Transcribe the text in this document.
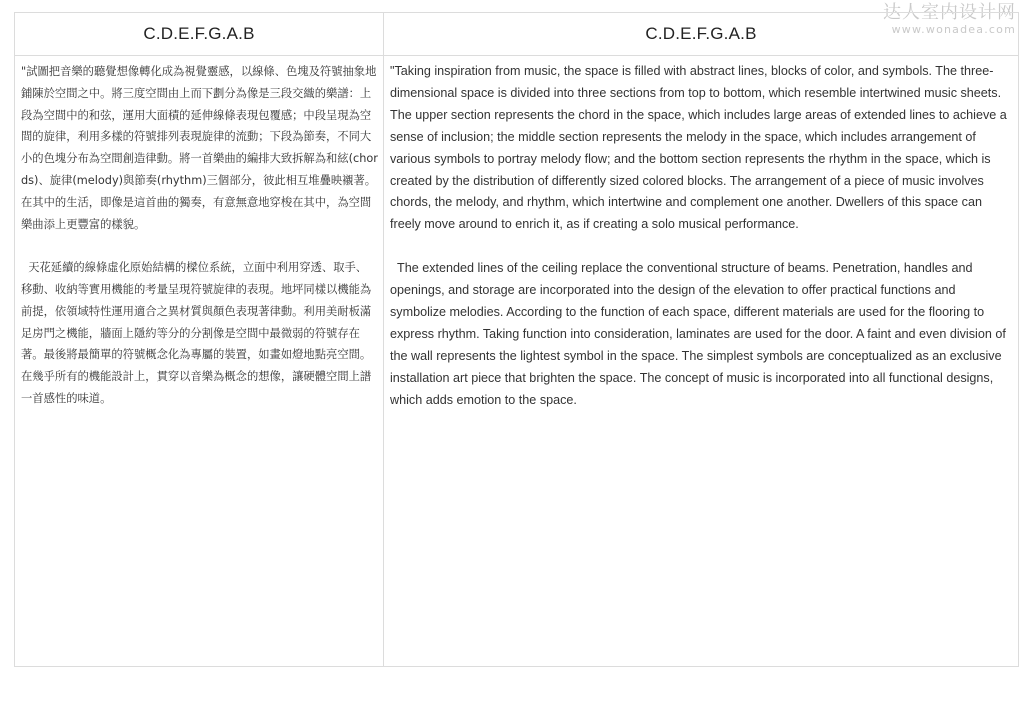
达人室内设计网
www.wonadea.com
C.D.E.F.G.A.B

"試圖把音樂的聽覺想像轉化成為視覺靈感，以線條、色塊及符號抽象地鋪陳於空間之中。將三度空間由上而下劃分為像是三段交織的樂譜：上段為空間中的和弦，運用大面積的延伸線條表現包覆感；中段呈現為空間的旋律，利用多樣的符號排列表現旋律的流動；下段為節奏，不同大小的色塊分布為空間創造律動。將一首樂曲的編排大致拆解為和絃(chords)、旋律(melody)與節奏(rhythm)三個部分，彼此相互堆疊映襯著。在其中的生活，即像是這首曲的獨奏，有意無意地穿梭在其中，為空間樂曲添上更豐富的樣貌。

天花延續的線條虛化原始結構的樑位系統，立面中利用穿透、取手、移動、收納等實用機能的考量呈現符號旋律的表現。地坪同樣以機能為前提，依領域特性運用適合之異材質與顏色表現著律動。利用美耐板滿足房門之機能，牆面上隱約等分的分割像是空間中最微弱的符號存在著。最後將最簡單的符號概念化為專屬的裝置，如畫如燈地點亮空間。在幾乎所有的機能設計上，貫穿以音樂為概念的想像，讓硬體空間上譜一首感性的味道。

C.D.E.F.G.A.B

"Taking inspiration from music, the space is filled with abstract lines, blocks of color, and symbols. The three-dimensional space is divided into three sections from top to bottom, which resemble intertwined music sheets. The upper section represents the chord in the space, which includes large areas of extended lines to achieve a sense of inclusion; the middle section represents the melody in the space, which includes arrangement of various symbols to portray melody flow; and the bottom section represents the rhythm in the space, which is created by the distribution of differently sized colored blocks. The arrangement of a piece of music involves chords, the melody, and rhythm, which intertwine and complement one another. Dwellers of this space can freely move around to enrich it, as if creating a solo musical performance.

The extended lines of the ceiling replace the conventional structure of beams. Penetration, handles and openings, and storage are incorporated into the design of the elevation to offer practical functions and symbolize melodies. According to the function of each space, different materials are used for the flooring to express rhythm. Taking function into consideration, laminates are used for the door. A faint and even division of the wall represents the lightest symbol in the space. The simplest symbols are conceptualized as an exclusive installation art piece that brighten the space. The concept of music is incorporated into all functional designs, which adds emotion to the space.
